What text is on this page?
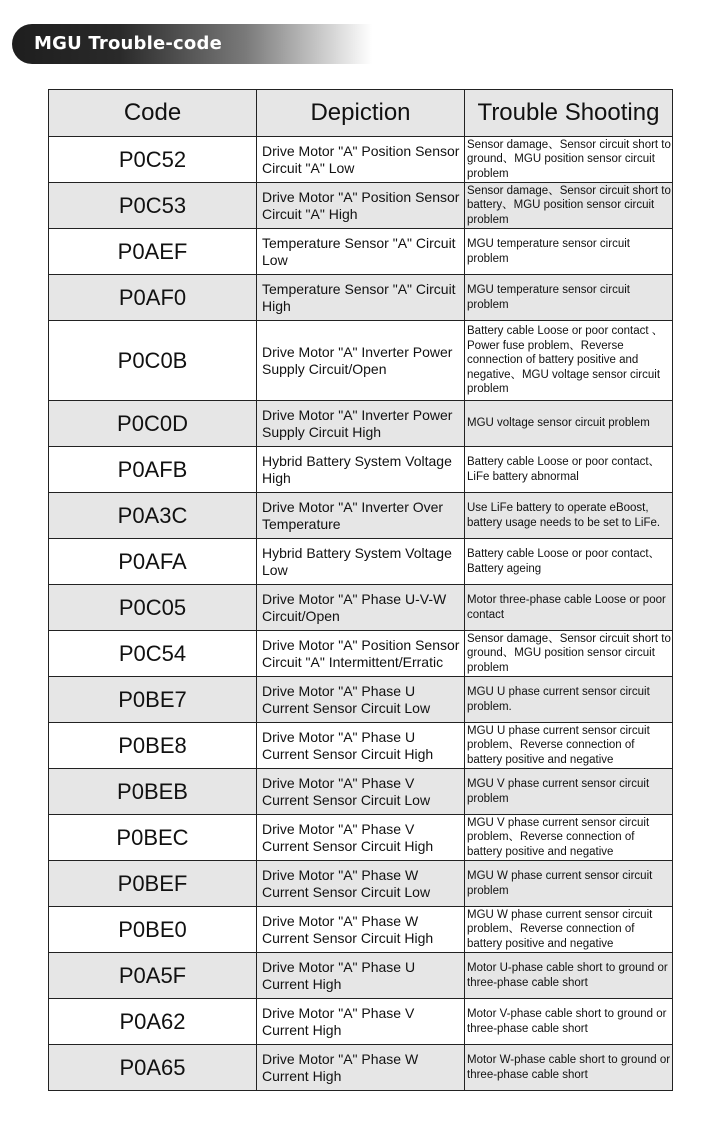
MGU Trouble-code
Code	Depiction	Trouble Shooting
P0C52	Drive Motor "A" Position Sensor Circuit "A" Low	Sensor damage、Sensor circuit short to ground、MGU position sensor circuit problem
P0C53	Drive Motor "A" Position Sensor Circuit "A" High	Sensor damage、Sensor circuit short to battery、MGU position sensor circuit problem
P0AEF	Temperature Sensor "A" Circuit Low	MGU temperature sensor circuit problem
P0AF0	Temperature Sensor "A" Circuit High	MGU temperature sensor circuit problem
P0C0B	Drive Motor "A" Inverter Power Supply Circuit/Open	Battery cable Loose or poor contact 、Power fuse problem、Reverse connection of battery positive and negative、MGU voltage sensor circuit problem
P0C0D	Drive Motor "A" Inverter Power Supply Circuit High	MGU voltage sensor circuit problem
P0AFB	Hybrid Battery System Voltage High	Battery cable Loose or poor contact、LiFe battery abnormal
P0A3C	Drive Motor "A" Inverter Over Temperature	Use LiFe battery to operate eBoost, battery usage needs to be set to LiFe.
P0AFA	Hybrid Battery System Voltage Low	Battery cable Loose or poor contact、Battery ageing
P0C05	Drive Motor "A" Phase U-V-W Circuit/Open	Motor three-phase cable Loose or poor contact
P0C54	Drive Motor "A" Position Sensor Circuit "A" Intermittent/Erratic	Sensor damage、Sensor circuit short to ground、MGU position sensor circuit problem
P0BE7	Drive Motor "A" Phase U Current Sensor Circuit Low	MGU U phase current sensor circuit problem.
P0BE8	Drive Motor "A" Phase U Current Sensor Circuit High	MGU U phase current sensor circuit problem、Reverse connection of battery positive and negative
P0BEB	Drive Motor "A" Phase V Current Sensor Circuit Low	MGU V phase current sensor circuit problem
P0BEC	Drive Motor "A" Phase V Current Sensor Circuit High	MGU V phase current sensor circuit problem、Reverse connection of battery positive and negative
P0BEF	Drive Motor "A" Phase W Current Sensor Circuit Low	MGU W phase current sensor circuit problem
P0BE0	Drive Motor "A" Phase W Current Sensor Circuit High	MGU W phase current sensor circuit problem、Reverse connection of battery positive and negative
P0A5F	Drive Motor "A" Phase U Current High	Motor U-phase cable short to ground or three-phase cable short
P0A62	Drive Motor "A" Phase V Current High	Motor V-phase cable short to ground or three-phase cable short
P0A65	Drive Motor "A" Phase W Current High	Motor W-phase cable short to ground or three-phase cable short
